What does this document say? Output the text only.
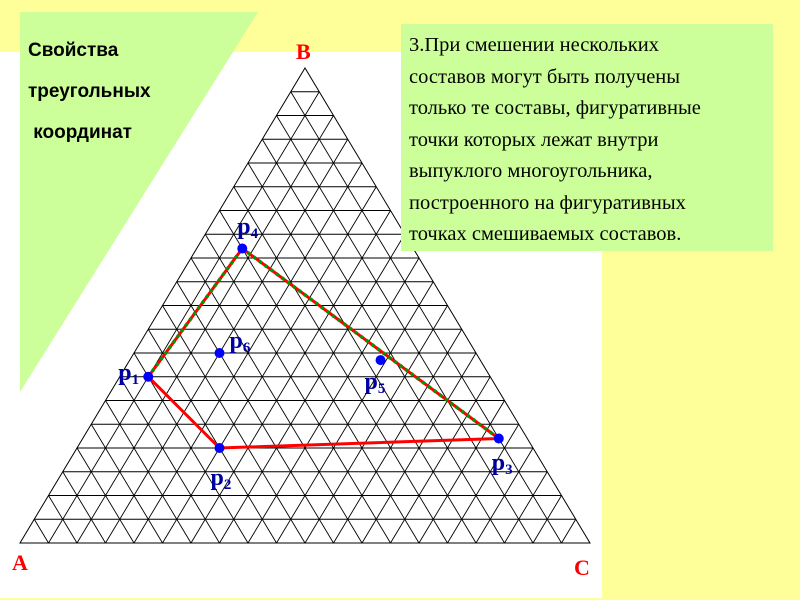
Свойства
треугольных
координат
3.При смешении нескольких
составов могут быть получены
только те составы, фигуративные
точки которых лежат внутри
выпуклого многоугольника,
построенного на фигуративных
точках смешиваемых составов.
B
A	C
$p_1$
$p_2$
$p_3$
$p_4$
$p_5$
$p_6$
